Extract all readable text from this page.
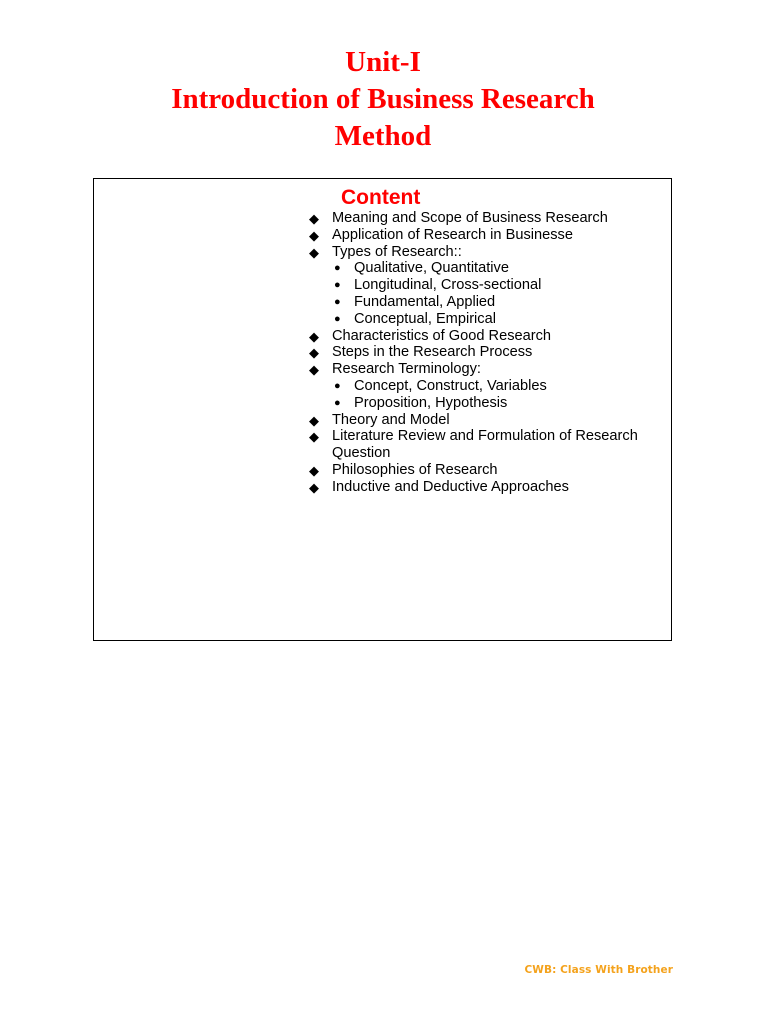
Unit-I
Introduction of Business Research
Method
Content
◆ Meaning and Scope of Business Research
◆ Application of Research in Businesse
◆ Types of Research::
● Qualitative, Quantitative
● Longitudinal, Cross-sectional
● Fundamental, Applied
● Conceptual, Empirical
◆ Characteristics of Good Research
◆ Steps in the Research Process
◆ Research Terminology:
● Concept, Construct, Variables
● Proposition, Hypothesis
◆ Theory and Model
◆ Literature Review and Formulation of Research Question
◆ Philosophies of Research
◆ Inductive and Deductive Approaches
CWB: Class With Brother
